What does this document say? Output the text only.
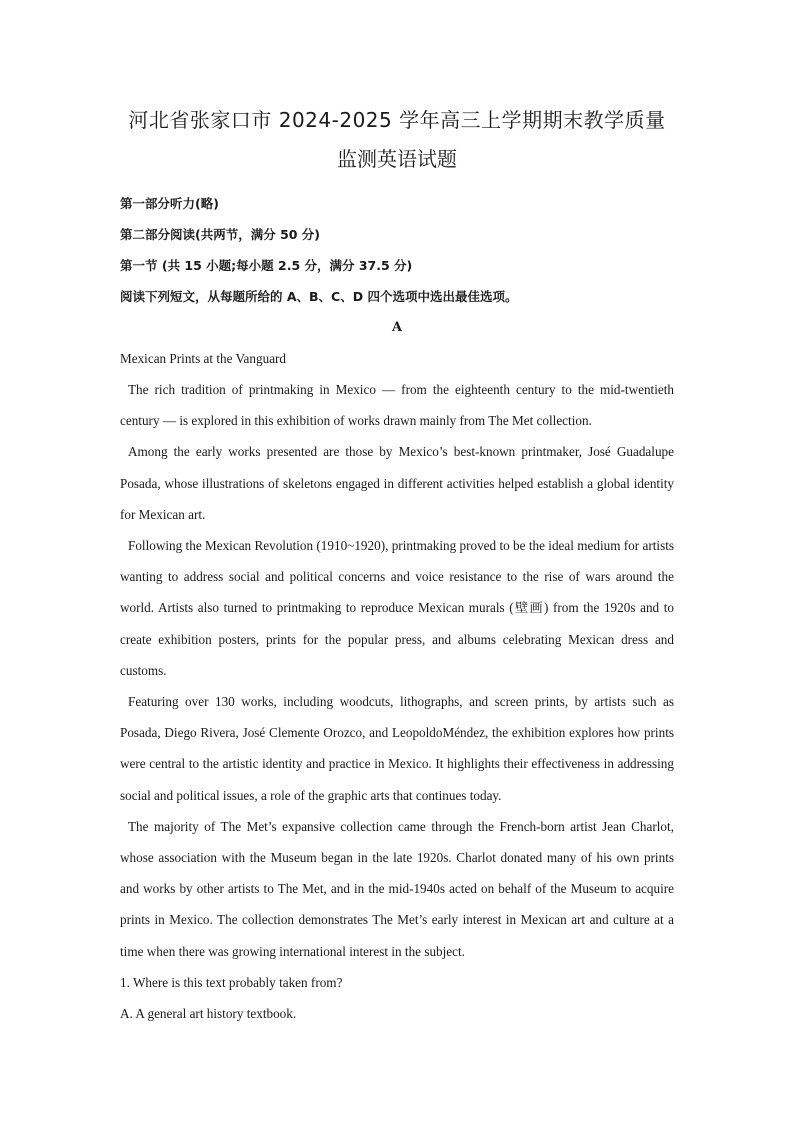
河北省张家口市 2024-2025 学年高三上学期期末教学质量
监测英语试题

第一部分听力(略)

第二部分阅读(共两节，满分 50 分)

第一节 (共 15 小题;每小题 2.5 分，满分 37.5 分)

阅读下列短文，从每题所给的 A、B、C、D 四个选项中选出最佳选项。

A

Mexican Prints at the Vanguard

The rich tradition of printmaking in Mexico — from the eighteenth century to the mid-twentieth century — is explored in this exhibition of works drawn mainly from The Met collection.

Among the early works presented are those by Mexico’s best-known printmaker, José Guadalupe Posada, whose illustrations of skeletons engaged in different activities helped establish a global identity for Mexican art.

Following the Mexican Revolution (1910~1920), printmaking proved to be the ideal medium for artists wanting to address social and political concerns and voice resistance to the rise of wars around the world. Artists also turned to printmaking to reproduce Mexican murals (壁画) from the 1920s and to create exhibition posters, prints for the popular press, and albums celebrating Mexican dress and customs.

Featuring over 130 works, including woodcuts, lithographs, and screen prints, by artists such as Posada, Diego Rivera, José Clemente Orozco, and LeopoldoMéndez, the exhibition explores how prints were central to the artistic identity and practice in Mexico. It highlights their effectiveness in addressing social and political issues, a role of the graphic arts that continues today.

The majority of The Met’s expansive collection came through the French-born artist Jean Charlot, whose association with the Museum began in the late 1920s. Charlot donated many of his own prints and works by other artists to The Met, and in the mid-1940s acted on behalf of the Museum to acquire prints in Mexico. The collection demonstrates The Met’s early interest in Mexican art and culture at a time when there was growing international interest in the subject.

1. Where is this text probably taken from?

A. A general art history textbook.
